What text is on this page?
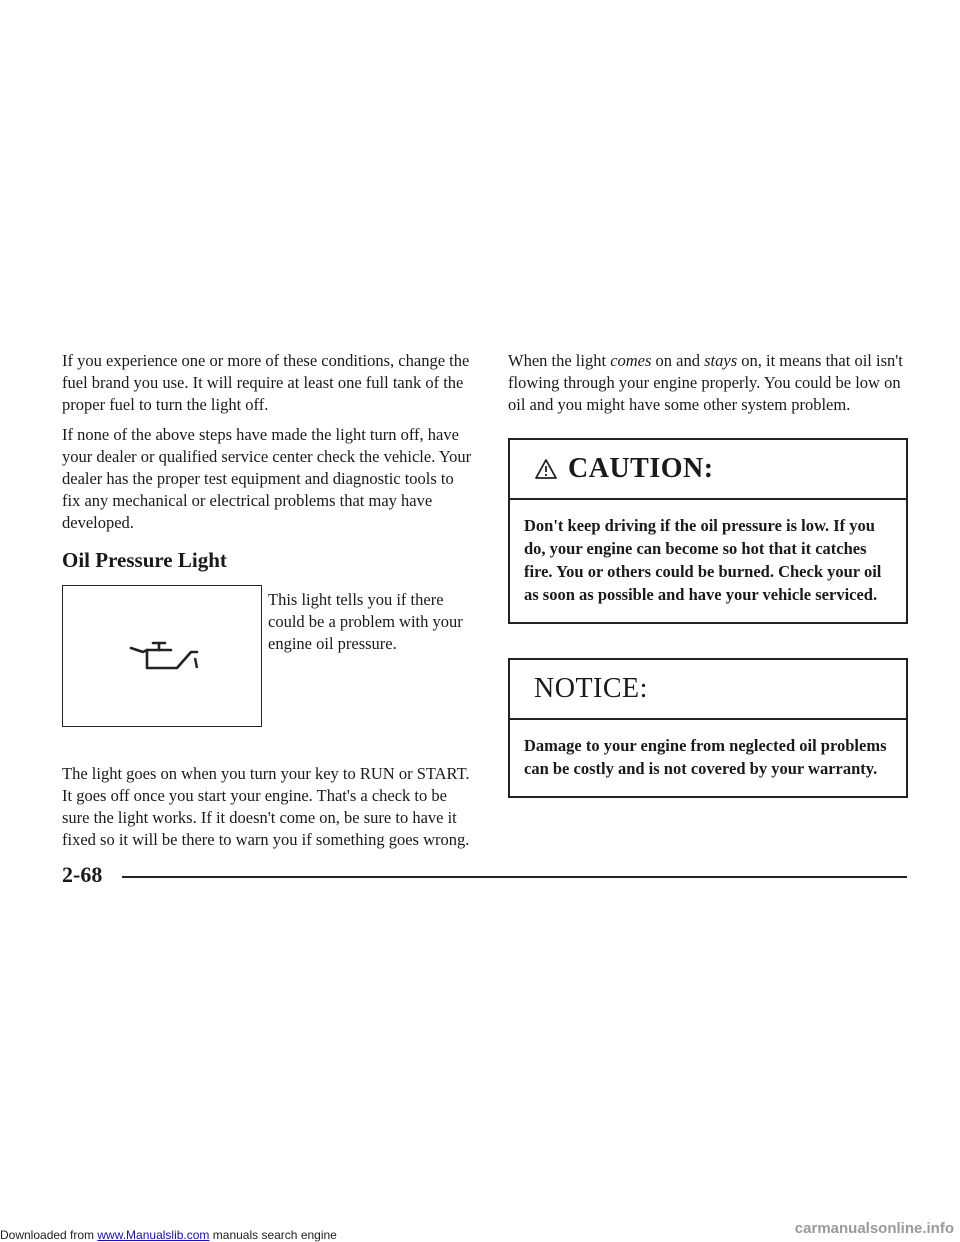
If you experience one or more of these conditions, change the fuel brand you use. It will require at least one full tank of the proper fuel to turn the light off.

If none of the above steps have made the light turn off, have your dealer or qualified service center check the vehicle. Your dealer has the proper test equipment and diagnostic tools to fix any mechanical or electrical problems that may have developed.

Oil Pressure Light

This light tells you if there could be a problem with your engine oil pressure.

The light goes on when you turn your key to RUN or START. It goes off once you start your engine. That's a check to be sure the light works. If it doesn't come on, be sure to have it fixed so it will be there to warn you if something goes wrong.

When the light comes on and stays on, it means that oil isn't flowing through your engine properly. You could be low on oil and you might have some other system problem.

CAUTION:
Don't keep driving if the oil pressure is low. If you do, your engine can become so hot that it catches fire. You or others could be burned. Check your oil as soon as possible and have your vehicle serviced.
NOTICE:
Damage to your engine from neglected oil problems can be costly and is not covered by your warranty.
2-68
Downloaded from www.Manualslib.com manuals search engine	carmanualsonline.info
